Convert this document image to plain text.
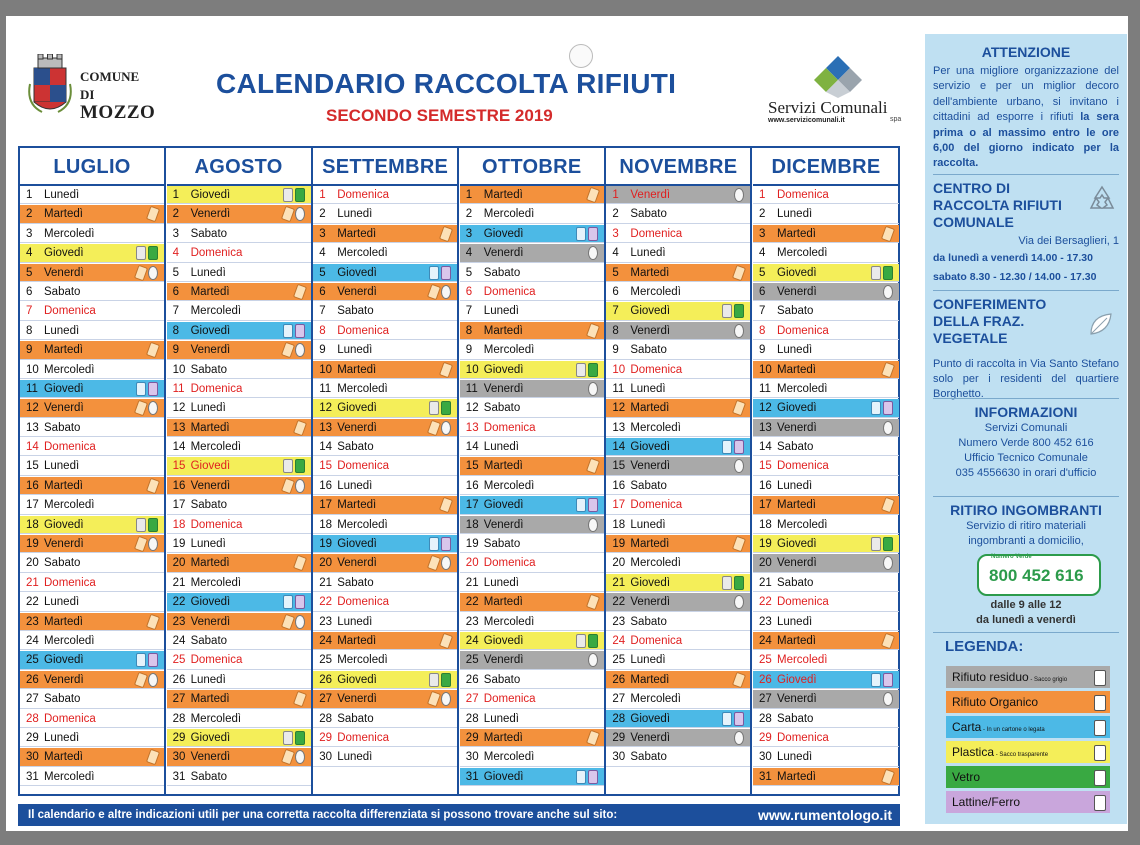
COMUNE DI
MOZZO
CALENDARIO RACCOLTA RIFIUTI
SECONDO SEMESTRE 2019	Servizi Comunali
www.servizicomunali.it	spa
LUGLIO
1 Lunedì
2 Martedì
3 Mercoledì
4 Giovedì
5 Venerdì
6 Sabato
7 Domenica
8 Lunedì
9 Martedì
10 Mercoledì
11 Giovedì
12 Venerdì
13 Sabato
14 Domenica
15 Lunedì
16 Martedì
17 Mercoledì
18 Giovedì
19 Venerdì
20 Sabato
21 Domenica
22 Lunedì
23 Martedì
24 Mercoledì
25 Giovedì
26 Venerdì
27 Sabato
28 Domenica
29 Lunedì
30 Martedì
31 Mercoledì
AGOSTO
1 Giovedì
2 Venerdì
3 Sabato
4 Domenica
5 Lunedì
6 Martedì
7 Mercoledì
8 Giovedì
9 Venerdì
10 Sabato
11 Domenica
12 Lunedì
13 Martedì
14 Mercoledì
15 Giovedì
16 Venerdì
17 Sabato
18 Domenica
19 Lunedì
20 Martedì
21 Mercoledì
22 Giovedì
23 Venerdì
24 Sabato
25 Domenica
26 Lunedì
27 Martedì
28 Mercoledì
29 Giovedì
30 Venerdì
31 Sabato
SETTEMBRE
1 Domenica
2 Lunedì
3 Martedì
4 Mercoledì
5 Giovedì
6 Venerdì
7 Sabato
8 Domenica
9 Lunedì
10 Martedì
11 Mercoledì
12 Giovedì
13 Venerdì
14 Sabato
15 Domenica
16 Lunedì
17 Martedì
18 Mercoledì
19 Giovedì
20 Venerdì
21 Sabato
22 Domenica
23 Lunedì
24 Martedì
25 Mercoledì
26 Giovedì
27 Venerdì
28 Sabato
29 Domenica
30 Lunedì
OTTOBRE
1 Martedì
2 Mercoledì
3 Giovedì
4 Venerdì
5 Sabato
6 Domenica
7 Lunedì
8 Martedì
9 Mercoledì
10 Giovedì
11 Venerdì
12 Sabato
13 Domenica
14 Lunedì
15 Martedì
16 Mercoledì
17 Giovedì
18 Venerdì
19 Sabato
20 Domenica
21 Lunedì
22 Martedì
23 Mercoledì
24 Giovedì
25 Venerdì
26 Sabato
27 Domenica
28 Lunedì
29 Martedì
30 Mercoledì
31 Giovedì
NOVEMBRE
1 Venerdì
2 Sabato
3 Domenica
4 Lunedì
5 Martedì
6 Mercoledì
7 Giovedì
8 Venerdì
9 Sabato
10 Domenica
11 Lunedì
12 Martedì
13 Mercoledì
14 Giovedì
15 Venerdì
16 Sabato
17 Domenica
18 Lunedì
19 Martedì
20 Mercoledì
21 Giovedì
22 Venerdì
23 Sabato
24 Domenica
25 Lunedì
26 Martedì
27 Mercoledì
28 Giovedì
29 Venerdì
30 Sabato
DICEMBRE
1 Domenica
2 Lunedì
3 Martedì
4 Mercoledì
5 Giovedì
6 Venerdì
7 Sabato
8 Domenica
9 Lunedì
10 Martedì
11 Mercoledì
12 Giovedì
13 Venerdì
14 Sabato
15 Domenica
16 Lunedì
17 Martedì
18 Mercoledì
19 Giovedì
20 Venerdì
21 Sabato
22 Domenica
23 Lunedì
24 Martedì
25 Mercoledì
26 Giovedì
27 Venerdì
28 Sabato
29 Domenica
30 Lunedì
31 Martedì
Il calendario e altre indicazioni utili per una corretta raccolta differenziata si possono trovare anche sul sito:	www.rumentologo.it
ATTENZIONE
Per una migliore organizzazione del servizio e per un miglior decoro dell'ambiente urbano, si invitano i cittadini ad esporre i rifiuti la sera prima o al massimo entro le ore 6,00 del giorno indicato per la raccolta.
CENTRO DI RACCOLTA RIFIUTI COMUNALE
Via dei Bersaglieri, 1
da lunedì a venerdì 14.00 - 17.30
sabato 8.30 - 12.30 / 14.00 - 17.30
CONFERIMENTO DELLA FRAZ. VEGETALE
Punto di raccolta in Via Santo Stefano solo per i residenti del quartiere Borghetto.
INFORMAZIONI
Servizi Comunali
Numero Verde 800 452 616
Ufficio Tecnico Comunale
035 4556630 in orari d'ufficio
RITIRO INGOMBRANTI
Servizio di ritiro materiali ingombranti a domicilio,
Numero Verde
800 452 616
dalle 9 alle 12
da lunedì a venerdì
LEGENDA:
Rifiuto residuo - Sacco grigio
Rifiuto Organico
Carta - In un cartone o legata
Plastica - Sacco trasparente
Vetro
Lattine/Ferro
